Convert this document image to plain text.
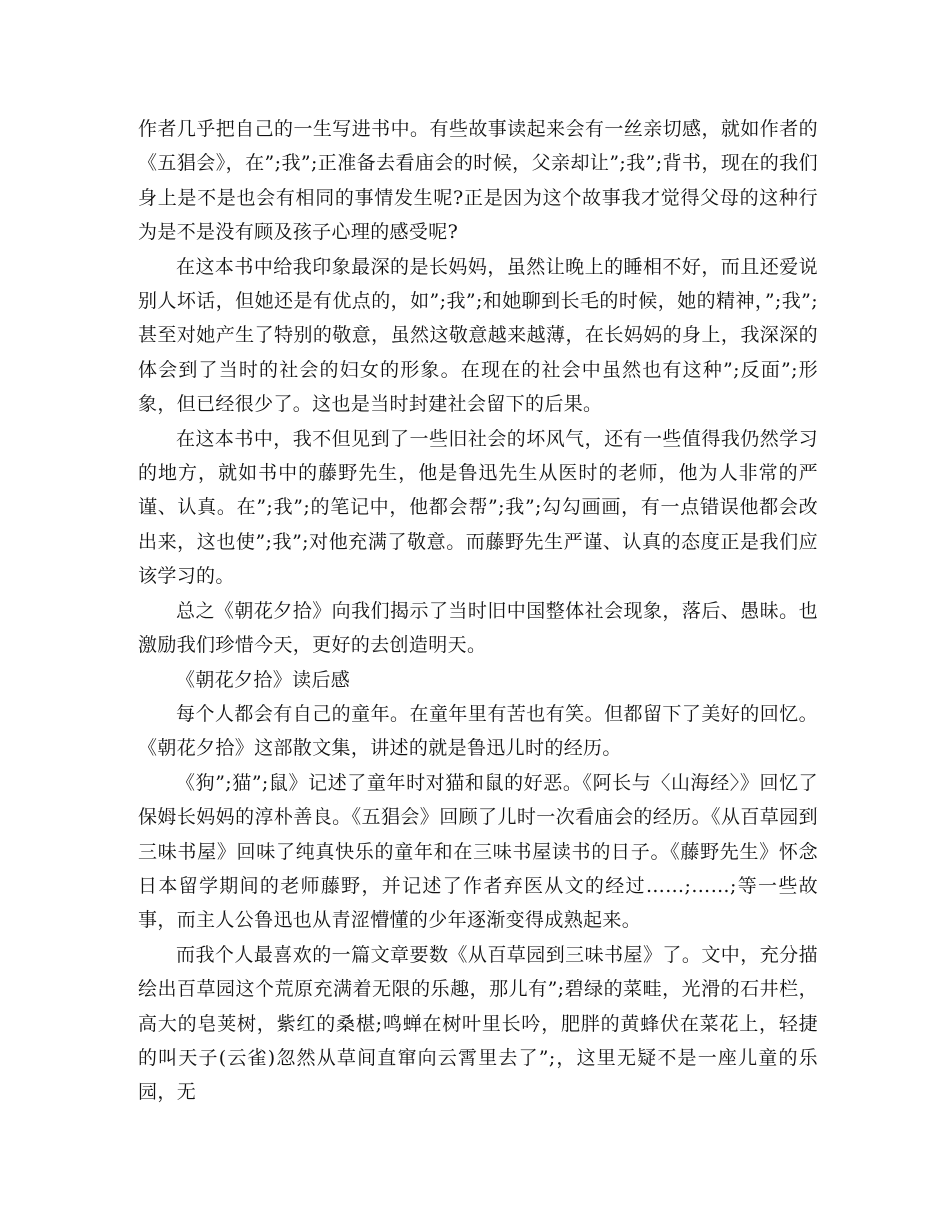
作者几乎把自己的一生写进书中。有些故事读起来会有一丝亲切感，就如作者的《五猖会》，在”;我”;正准备去看庙会的时候，父亲却让”;我”;背书，现在的我们身上是不是也会有相同的事情发生呢?正是因为这个故事我才觉得父母的这种行为是不是没有顾及孩子心理的感受呢?

在这本书中给我印象最深的是长妈妈，虽然让晚上的睡相不好，而且还爱说别人坏话，但她还是有优点的，如”;我”;和她聊到长毛的时候，她的精神，”;我”;甚至对她产生了特别的敬意，虽然这敬意越来越薄，在长妈妈的身上，我深深的体会到了当时的社会的妇女的形象。在现在的社会中虽然也有这种”;反面”;形象，但已经很少了。这也是当时封建社会留下的后果。

在这本书中，我不但见到了一些旧社会的坏风气，还有一些值得我仍然学习的地方，就如书中的藤野先生，他是鲁迅先生从医时的老师，他为人非常的严谨、认真。在”;我”;的笔记中，他都会帮”;我”;勾勾画画，有一点错误他都会改出来，这也使”;我”;对他充满了敬意。而藤野先生严谨、认真的态度正是我们应该学习的。

总之《朝花夕拾》向我们揭示了当时旧中国整体社会现象，落后、愚昧。也激励我们珍惜今天，更好的去创造明天。

《朝花夕拾》读后感

每个人都会有自己的童年。在童年里有苦也有笑。但都留下了美好的回忆。《朝花夕拾》这部散文集，讲述的就是鲁迅儿时的经历。

《狗”;猫”;鼠》记述了童年时对猫和鼠的好恶。《阿长与〈山海经〉》回忆了保姆长妈妈的淳朴善良。《五猖会》回顾了儿时一次看庙会的经历。《从百草园到三味书屋》回味了纯真快乐的童年和在三味书屋读书的日子。《藤野先生》怀念日本留学期间的老师藤野，并记述了作者弃医从文的经过……;……;等一些故事，而主人公鲁迅也从青涩懵懂的少年逐渐变得成熟起来。

而我个人最喜欢的一篇文章要数《从百草园到三味书屋》了。文中，充分描绘出百草园这个荒原充满着无限的乐趣，那儿有”;碧绿的菜畦，光滑的石井栏，高大的皂荚树，紫红的桑椹;鸣蝉在树叶里长吟，肥胖的黄蜂伏在菜花上，轻捷的叫天子(云雀)忽然从草间直窜向云霄里去了”;，这里无疑不是一座儿童的乐园，无
